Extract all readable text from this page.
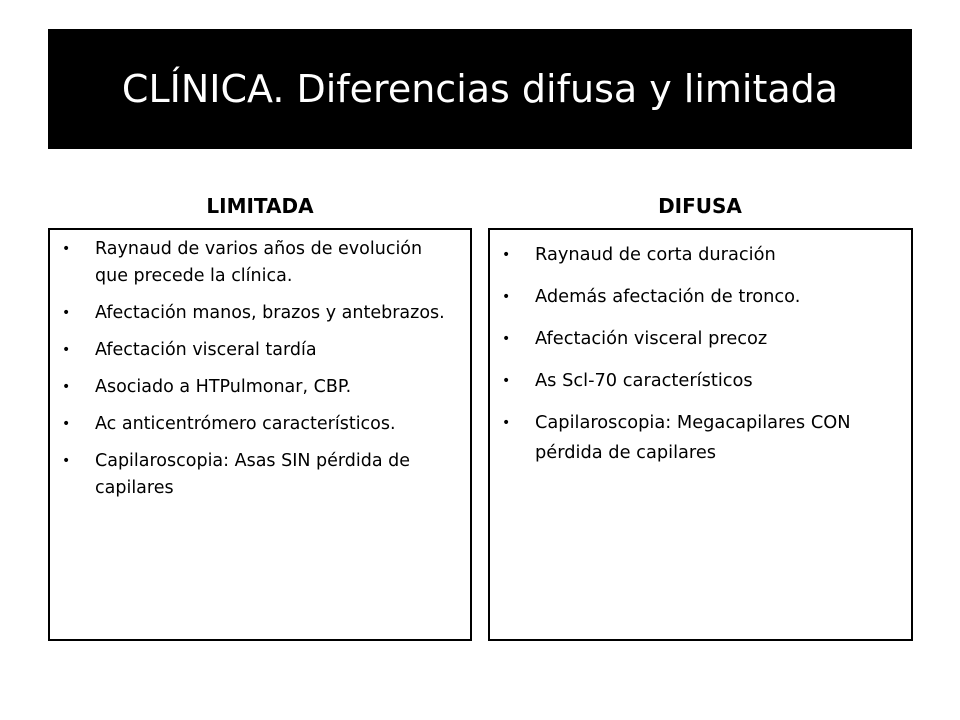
CLÍNICA. Diferencias difusa y limitada
LIMITADA	DIFUSA
•	Raynaud de varios años de evolución que precede la clínica.
•	Afectación manos, brazos y antebrazos.
•	Afectación visceral tardía
•	Asociado a HTPulmonar, CBP.
•	Ac anticentrómero característicos.
•	Capilaroscopia: Asas SIN pérdida de capilares
•	Raynaud de corta duración
•	Además afectación de tronco.
•	Afectación visceral precoz
•	As Scl-70 característicos
•	Capilaroscopia: Megacapilares CON pérdida de capilares
